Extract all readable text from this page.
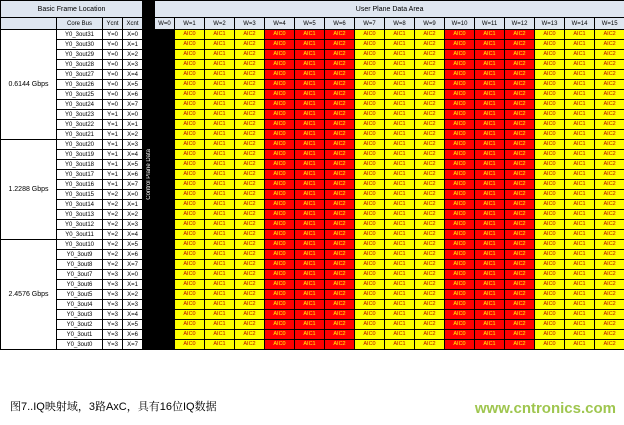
Basic Frame Location				Control Plane Data	User Plane Data Area															
	Core Bus	Ycnt	Xcnt		W=0	W=1	W=2	W=3	W=4	W=5	W=6	W=7	W=8	W=9	W=10	W=11	W=12	W=13	W=14	W=15
0.6144 Gbps	Y0_3out31	Y=0	X=0			AIC0	AIC1	AIC2	AIC0	AIC1	AIC2	AIC0	AIC1	AIC2	AIC0	AIC1	AIC2	AIC0	AIC1	AIC2
	Y0_3out30	Y=0	X=1			AIC0	AIC1	AIC2	AIC0	AIC1	AIC2	AIC0	AIC1	AIC2	AIC0	AIC1	AIC2	AIC0	AIC1	AIC2
	Y0_3out29	Y=0	X=2			AIC0	AIC1	AIC2	AIC0	AIC1	AIC2	AIC0	AIC1	AIC2	AIC0	AIC1	AIC2	AIC0	AIC1	AIC2
	Y0_3out28	Y=0	X=3			AIC0	AIC1	AIC2	AIC0	AIC1	AIC2	AIC0	AIC1	AIC2	AIC0	AIC1	AIC2	AIC0	AIC1	AIC2
	Y0_3out27	Y=0	X=4			AIC0	AIC1	AIC2	AIC0	AIC1	AIC2	AIC0	AIC1	AIC2	AIC0	AIC1	AIC2	AIC0	AIC1	AIC2
	Y0_3out26	Y=0	X=5			AIC0	AIC1	AIC2	AIC0	AIC1	AIC2	AIC0	AIC1	AIC2	AIC0	AIC1	AIC2	AIC0	AIC1	AIC2
	Y0_3out25	Y=0	X=6			AIC0	AIC1	AIC2	AIC0	AIC1	AIC2	AIC0	AIC1	AIC2	AIC0	AIC1	AIC2	AIC0	AIC1	AIC2
	Y0_3out24	Y=0	X=7			AIC0	AIC1	AIC2	AIC0	AIC1	AIC2	AIC0	AIC1	AIC2	AIC0	AIC1	AIC2	AIC0	AIC1	AIC2
	Y0_3out23	Y=1	X=0			AIC0	AIC1	AIC2	AIC0	AIC1	AIC2	AIC0	AIC1	AIC2	AIC0	AIC1	AIC2	AIC0	AIC1	AIC2
	Y0_3out22	Y=1	X=1			AIC0	AIC1	AIC2	AIC0	AIC1	AIC2	AIC0	AIC1	AIC2	AIC0	AIC1	AIC2	AIC0	AIC1	AIC2
	Y0_3out21	Y=1	X=2			AIC0	AIC1	AIC2	AIC0	AIC1	AIC2	AIC0	AIC1	AIC2	AIC0	AIC1	AIC2	AIC0	AIC1	AIC2
1.2288 Gbps	Y0_3out20	Y=1	X=3			AIC0	AIC1	AIC2	AIC0	AIC1	AIC2	AIC0	AIC1	AIC2	AIC0	AIC1	AIC2	AIC0	AIC1	AIC2
	Y0_3out19	Y=1	X=4			AIC0	AIC1	AIC2	AIC0	AIC1	AIC2	AIC0	AIC1	AIC2	AIC0	AIC1	AIC2	AIC0	AIC1	AIC2
	Y0_3out18	Y=1	X=5			AIC0	AIC1	AIC2	AIC0	AIC1	AIC2	AIC0	AIC1	AIC2	AIC0	AIC1	AIC2	AIC0	AIC1	AIC2
	Y0_3out17	Y=1	X=6			AIC0	AIC1	AIC2	AIC0	AIC1	AIC2	AIC0	AIC1	AIC2	AIC0	AIC1	AIC2	AIC0	AIC1	AIC2
	Y0_3out16	Y=1	X=7			AIC0	AIC1	AIC2	AIC0	AIC1	AIC2	AIC0	AIC1	AIC2	AIC0	AIC1	AIC2	AIC0	AIC1	AIC2
	Y0_3out15	Y=2	X=0			AIC0	AIC1	AIC2	AIC0	AIC1	AIC2	AIC0	AIC1	AIC2	AIC0	AIC1	AIC2	AIC0	AIC1	AIC2
	Y0_3out14	Y=2	X=1			AIC0	AIC1	AIC2	AIC0	AIC1	AIC2	AIC0	AIC1	AIC2	AIC0	AIC1	AIC2	AIC0	AIC1	AIC2
	Y0_3out13	Y=2	X=2			AIC0	AIC1	AIC2	AIC0	AIC1	AIC2	AIC0	AIC1	AIC2	AIC0	AIC1	AIC2	AIC0	AIC1	AIC2
	Y0_3out12	Y=2	X=3			AIC0	AIC1	AIC2	AIC0	AIC1	AIC2	AIC0	AIC1	AIC2	AIC0	AIC1	AIC2	AIC0	AIC1	AIC2
	Y0_3out11	Y=2	X=4			AIC0	AIC1	AIC2	AIC0	AIC1	AIC2	AIC0	AIC1	AIC2	AIC0	AIC1	AIC2	AIC0	AIC1	AIC2
2.4576 Gbps	Y0_3out10	Y=2	X=5			AIC0	AIC1	AIC2	AIC0	AIC1	AIC2	AIC0	AIC1	AIC2	AIC0	AIC1	AIC2	AIC0	AIC1	AIC2
	Y0_3out9	Y=2	X=6			AIC0	AIC1	AIC2	AIC0	AIC1	AIC2	AIC0	AIC1	AIC2	AIC0	AIC1	AIC2	AIC0	AIC1	AIC2
	Y0_3out8	Y=2	X=7			AIC0	AIC1	AIC2	AIC0	AIC1	AIC2	AIC0	AIC1	AIC2	AIC0	AIC1	AIC2	AIC0	AIC1	AIC2
	Y0_3out7	Y=3	X=0			AIC0	AIC1	AIC2	AIC0	AIC1	AIC2	AIC0	AIC1	AIC2	AIC0	AIC1	AIC2	AIC0	AIC1	AIC2
	Y0_3out6	Y=3	X=1			AIC0	AIC1	AIC2	AIC0	AIC1	AIC2	AIC0	AIC1	AIC2	AIC0	AIC1	AIC2	AIC0	AIC1	AIC2
	Y0_3out5	Y=3	X=2			AIC0	AIC1	AIC2	AIC0	AIC1	AIC2	AIC0	AIC1	AIC2	AIC0	AIC1	AIC2	AIC0	AIC1	AIC2
	Y0_3out4	Y=3	X=3			AIC0	AIC1	AIC2	AIC0	AIC1	AIC2	AIC0	AIC1	AIC2	AIC0	AIC1	AIC2	AIC0	AIC1	AIC2
	Y0_3out3	Y=3	X=4			AIC0	AIC1	AIC2	AIC0	AIC1	AIC2	AIC0	AIC1	AIC2	AIC0	AIC1	AIC2	AIC0	AIC1	AIC2
	Y0_3out2	Y=3	X=5			AIC0	AIC1	AIC2	AIC0	AIC1	AIC2	AIC0	AIC1	AIC2	AIC0	AIC1	AIC2	AIC0	AIC1	AIC2
	Y0_3out1	Y=3	X=6			AIC0	AIC1	AIC2	AIC0	AIC1	AIC2	AIC0	AIC1	AIC2	AIC0	AIC1	AIC2	AIC0	AIC1	AIC2
	Y0_3out0	Y=3	X=7			AIC0	AIC1	AIC2	AIC0	AIC1	AIC2	AIC0	AIC1	AIC2	AIC0	AIC1	AIC2	AIC0	AIC1	AIC2
图7..IQ映射域，3路AxC，具有16位IQ数据	www.cntronics.com
